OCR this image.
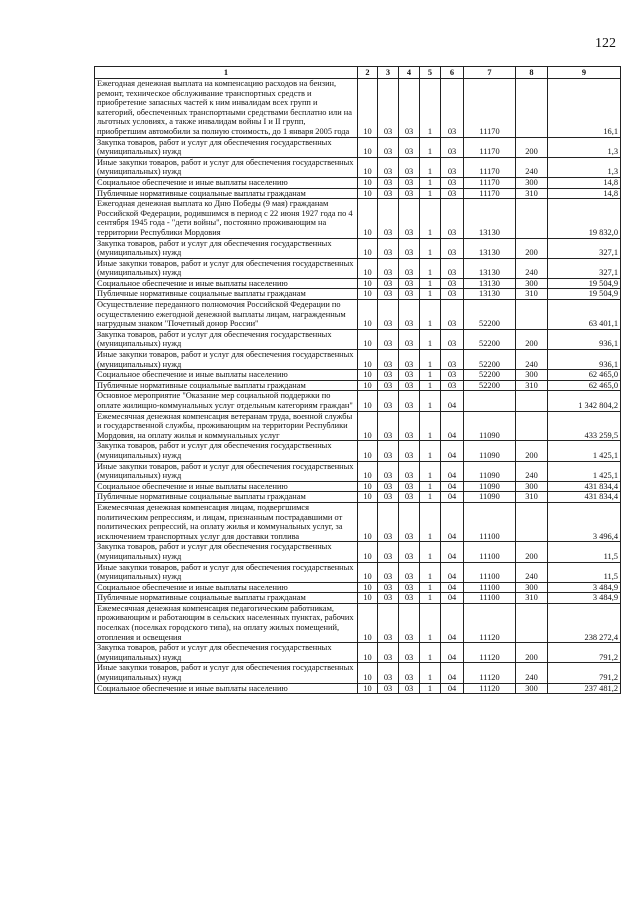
122
1	2	3	4	5	6	7	8	9
Ежегодная денежная выплата на компенсацию расходов на бензин, ремонт, техническое обслуживание транспортных средств и приобретение запасных частей к ним инвалидам всех групп и категорий, обеспеченных транспортными средствами бесплатно или на льготных условиях, а также инвалидам войны I и II групп, приобретшим автомобили за полную стоимость, до 1 января 2005 года	10	03	03	1	03	11170		16,1
Закупка товаров, работ и услуг для обеспечения государственных (муниципальных) нужд	10	03	03	1	03	11170	200	1,3
Иные закупки товаров, работ и услуг для обеспечения государственных (муниципальных) нужд	10	03	03	1	03	11170	240	1,3
Социальное обеспечение и иные выплаты населению	10	03	03	1	03	11170	300	14,8
Публичные нормативные социальные выплаты гражданам	10	03	03	1	03	11170	310	14,8
Ежегодная денежная выплата ко Дню Победы (9 мая) гражданам Российской Федерации, родившимся в период с 22 июня 1927 года по 4 сентября 1945 года - "дети войны", постоянно проживающим на территории Республики Мордовия	10	03	03	1	03	13130		19 832,0
Закупка товаров, работ и услуг для обеспечения государственных (муниципальных) нужд	10	03	03	1	03	13130	200	327,1
Иные закупки товаров, работ и услуг для обеспечения государственных (муниципальных) нужд	10	03	03	1	03	13130	240	327,1
Социальное обеспечение и иные выплаты населению	10	03	03	1	03	13130	300	19 504,9
Публичные нормативные социальные выплаты гражданам	10	03	03	1	03	13130	310	19 504,9
Осуществление переданного полномочия Российской Федерации по осуществлению ежегодной денежной выплаты лицам, награжденным нагрудным знаком "Почетный донор России"	10	03	03	1	03	52200		63 401,1
Закупка товаров, работ и услуг для обеспечения государственных (муниципальных) нужд	10	03	03	1	03	52200	200	936,1
Иные закупки товаров, работ и услуг для обеспечения государственных (муниципальных) нужд	10	03	03	1	03	52200	240	936,1
Социальное обеспечение и иные выплаты населению	10	03	03	1	03	52200	300	62 465,0
Публичные нормативные социальные выплаты гражданам	10	03	03	1	03	52200	310	62 465,0
Основное мероприятие "Оказание мер социальной поддержки по оплате жилищно-коммунальных услуг отдельным категориям граждан"	10	03	03	1	04			1 342 804,2
Ежемесячная денежная компенсация ветеранам труда, военной службы и государственной службы, проживающим на территории Республики Мордовия, на оплату жилья и коммунальных услуг	10	03	03	1	04	11090		433 259,5
Закупка товаров, работ и услуг для обеспечения государственных (муниципальных) нужд	10	03	03	1	04	11090	200	1 425,1
Иные закупки товаров, работ и услуг для обеспечения государственных (муниципальных) нужд	10	03	03	1	04	11090	240	1 425,1
Социальное обеспечение и иные выплаты населению	10	03	03	1	04	11090	300	431 834,4
Публичные нормативные социальные выплаты гражданам	10	03	03	1	04	11090	310	431 834,4
Ежемесячная денежная компенсация лицам, подвергшимся политическим репрессиям, и лицам, признанным пострадавшими от политических репрессий, на оплату жилья и коммунальных услуг, за исключением транспортных услуг для доставки топлива	10	03	03	1	04	11100		3 496,4
Закупка товаров, работ и услуг для обеспечения государственных (муниципальных) нужд	10	03	03	1	04	11100	200	11,5
Иные закупки товаров, работ и услуг для обеспечения государственных (муниципальных) нужд	10	03	03	1	04	11100	240	11,5
Социальное обеспечение и иные выплаты населению	10	03	03	1	04	11100	300	3 484,9
Публичные нормативные социальные выплаты гражданам	10	03	03	1	04	11100	310	3 484,9
Ежемесячная денежная компенсация педагогическим работникам, проживающим и работающим в сельских населенных пунктах, рабочих поселках (поселках городского типа), на оплату жилых помещений, отопления и освещения	10	03	03	1	04	11120		238 272,4
Закупка товаров, работ и услуг для обеспечения государственных (муниципальных) нужд	10	03	03	1	04	11120	200	791,2
Иные закупки товаров, работ и услуг для обеспечения государственных (муниципальных) нужд	10	03	03	1	04	11120	240	791,2
Социальное обеспечение и иные выплаты населению	10	03	03	1	04	11120	300	237 481,2
